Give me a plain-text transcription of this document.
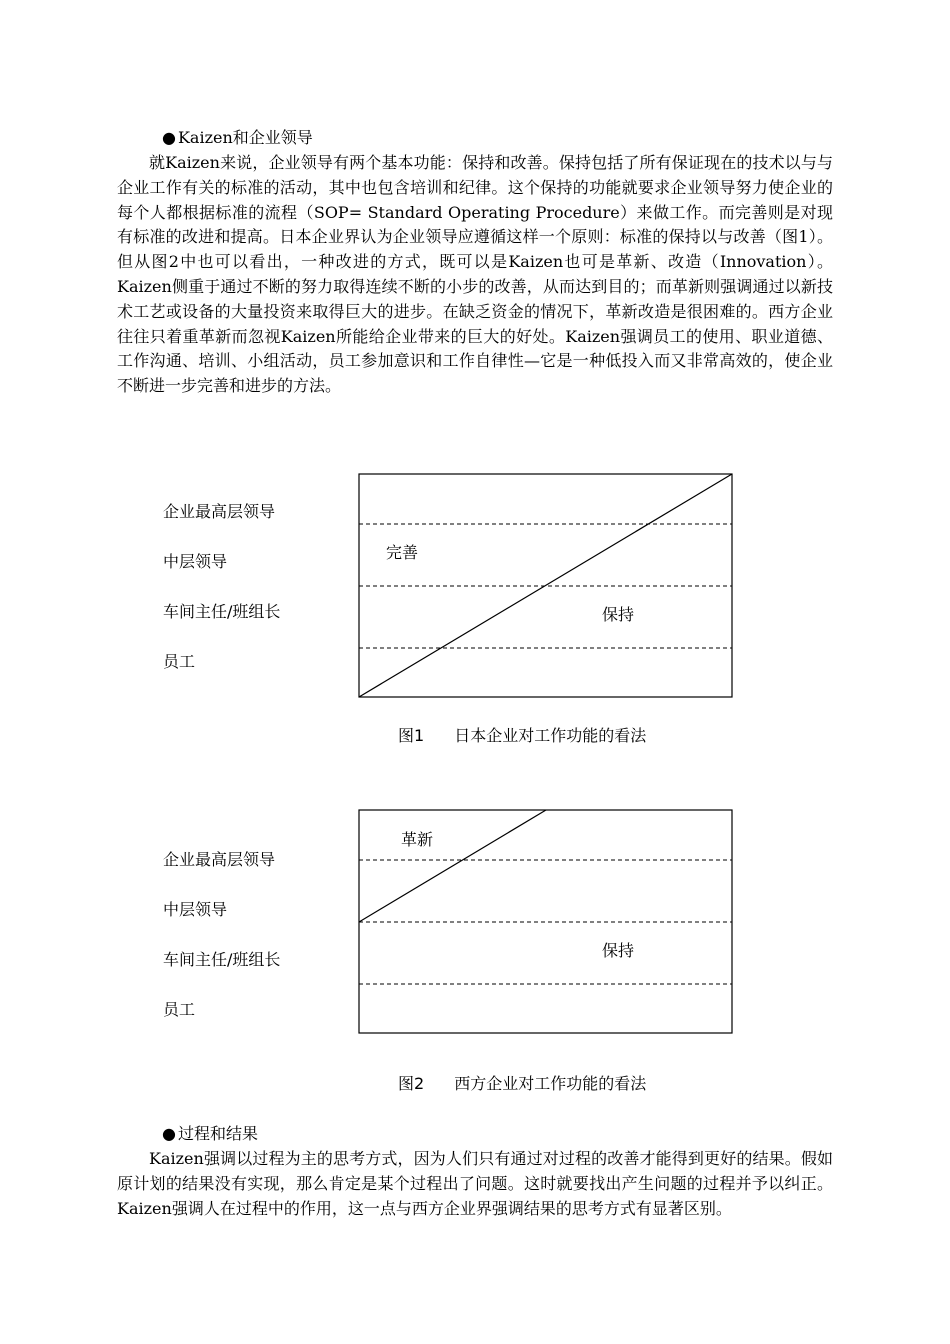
● Kaizen和企业领导

就Kaizen来说，企业领导有两个基本功能：保持和改善。保持包括了所有保证现在的技术以与与企业工作有关的标准的活动，其中也包含培训和纪律。这个保持的功能就要求企业领导努力使企业的每个人都根据标准的流程（SOP= Standard Operating Procedure）来做工作。而完善则是对现有标准的改进和提高。日本企业界认为企业领导应遵循这样一个原则：标准的保持以与改善（图1）。但从图2中也可以看出，一种改进的方式，既可以是Kaizen也可是革新、改造（Innovation）。Kaizen侧重于通过不断的努力取得连续不断的小步的改善，从而达到目的；而革新则强调通过以新技术工艺或设备的大量投资来取得巨大的进步。在缺乏资金的情况下，革新改造是很困难的。西方企业往往只着重革新而忽视Kaizen所能给企业带来的巨大的好处。Kaizen强调员工的使用、职业道德、工作沟通、培训、小组活动，员工参加意识和工作自律性—它是一种低投入而又非常高效的，使企业不断进一步完善和进步的方法。

企业最高层领导
中层领导
车间主任/班组长
员工
完善
保持
革新
保持
图1 日本企业对工作功能的看法
企业最高层领导
中层领导
车间主任/班组长
员工
图2 西方企业对工作功能的看法
● 过程和结果

Kaizen强调以过程为主的思考方式，因为人们只有通过对过程的改善才能得到更好的结果。假如原计划的结果没有实现，那么肯定是某个过程出了问题。这时就要找出产生问题的过程并予以纠正。Kaizen强调人在过程中的作用，这一点与西方企业界强调结果的思考方式有显著区别。
